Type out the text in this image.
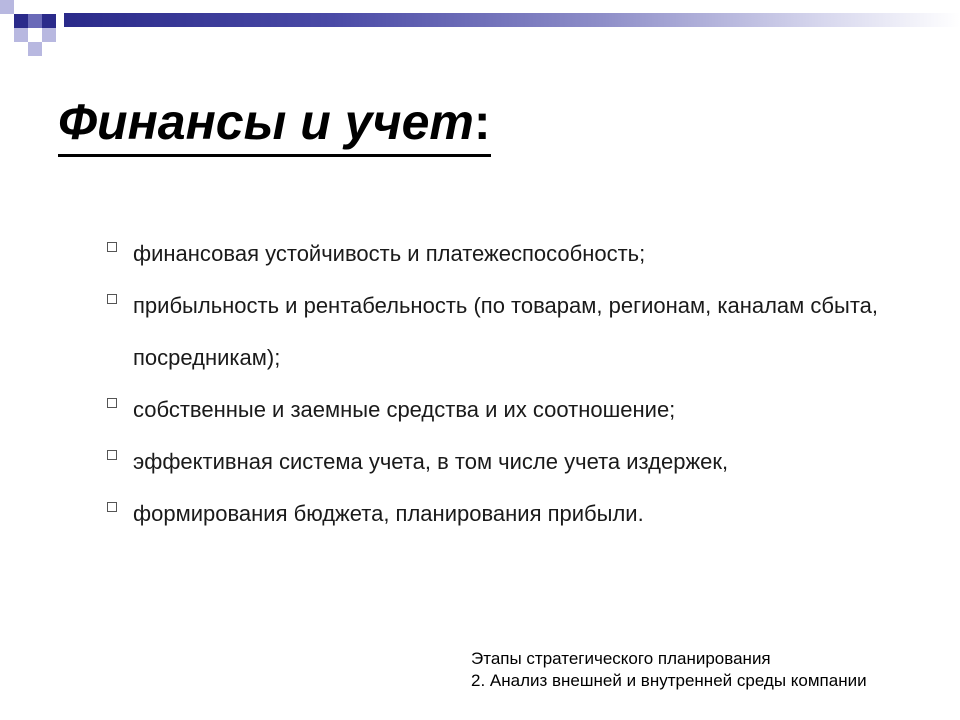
Финансы и учет:
финансовая устойчивость и платежеспособность;
прибыльность и рентабельность (по товарам, регионам, каналам сбыта, посредникам);
собственные и заемные средства и их соотношение;
эффективная система учета, в том числе учета издержек,
формирования бюджета, планирования прибыли.
Этапы стратегического планирования
2. Анализ внешней и внутренней среды компании
